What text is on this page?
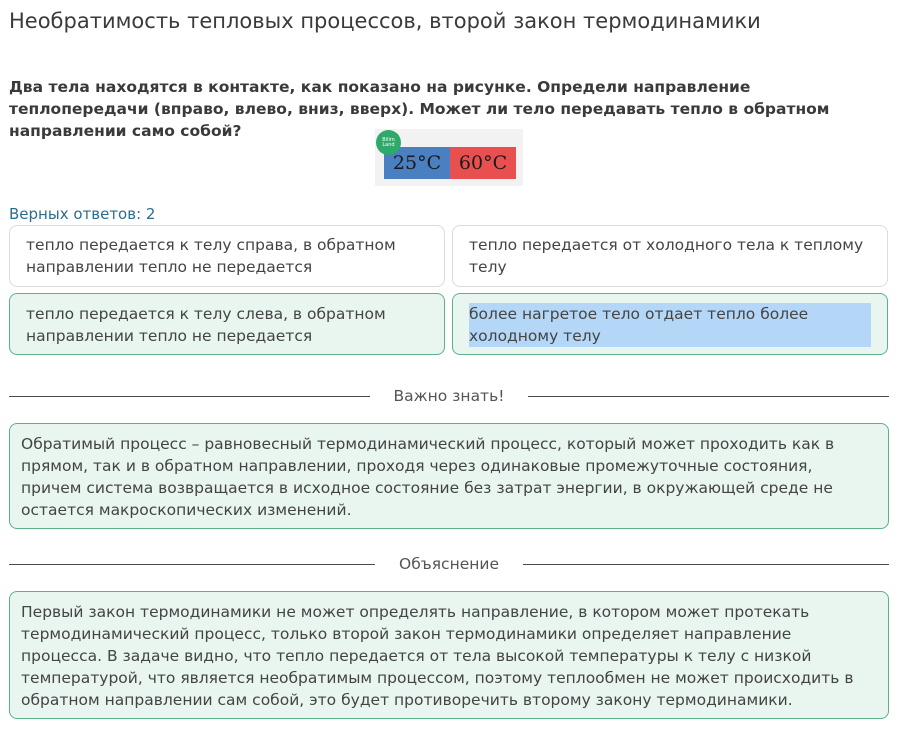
Необратимость тепловых процессов, второй закон термодинамики
Два тела находятся в контакте, как показано на рисунке. Определи направление теплопередачи (вправо, влево, вниз, вверх). Может ли тело передавать тепло в обратном направлении само собой?
25°C 60°C
Bilim
Land
Верных ответов: 2
тепло передается к телу справа, в обратном направлении тепло не передается
тепло передается от холодного тела к теплому телу
тепло передается к телу слева, в обратном направлении тепло не передается
более нагретое тело отдает тепло более холодному телу
Важно знать!
Обратимый процесс – равновесный термодинамический процесс, который может проходить как в прямом, так и в обратном направлении, проходя через одинаковые промежуточные состояния, причем система возвращается в исходное состояние без затрат энергии, в окружающей среде не остается макроскопических изменений.
Объяснение
Первый закон термодинамики не может определять направление, в котором может протекать термодинамический процесс, только второй закон термодинамики определяет направление процесса. В задаче видно, что тепло передается от тела высокой температуры к телу с низкой температурой, что является необратимым процессом, поэтому теплообмен не может происходить в обратном направлении сам собой, это будет противоречить второму закону термодинамики.
